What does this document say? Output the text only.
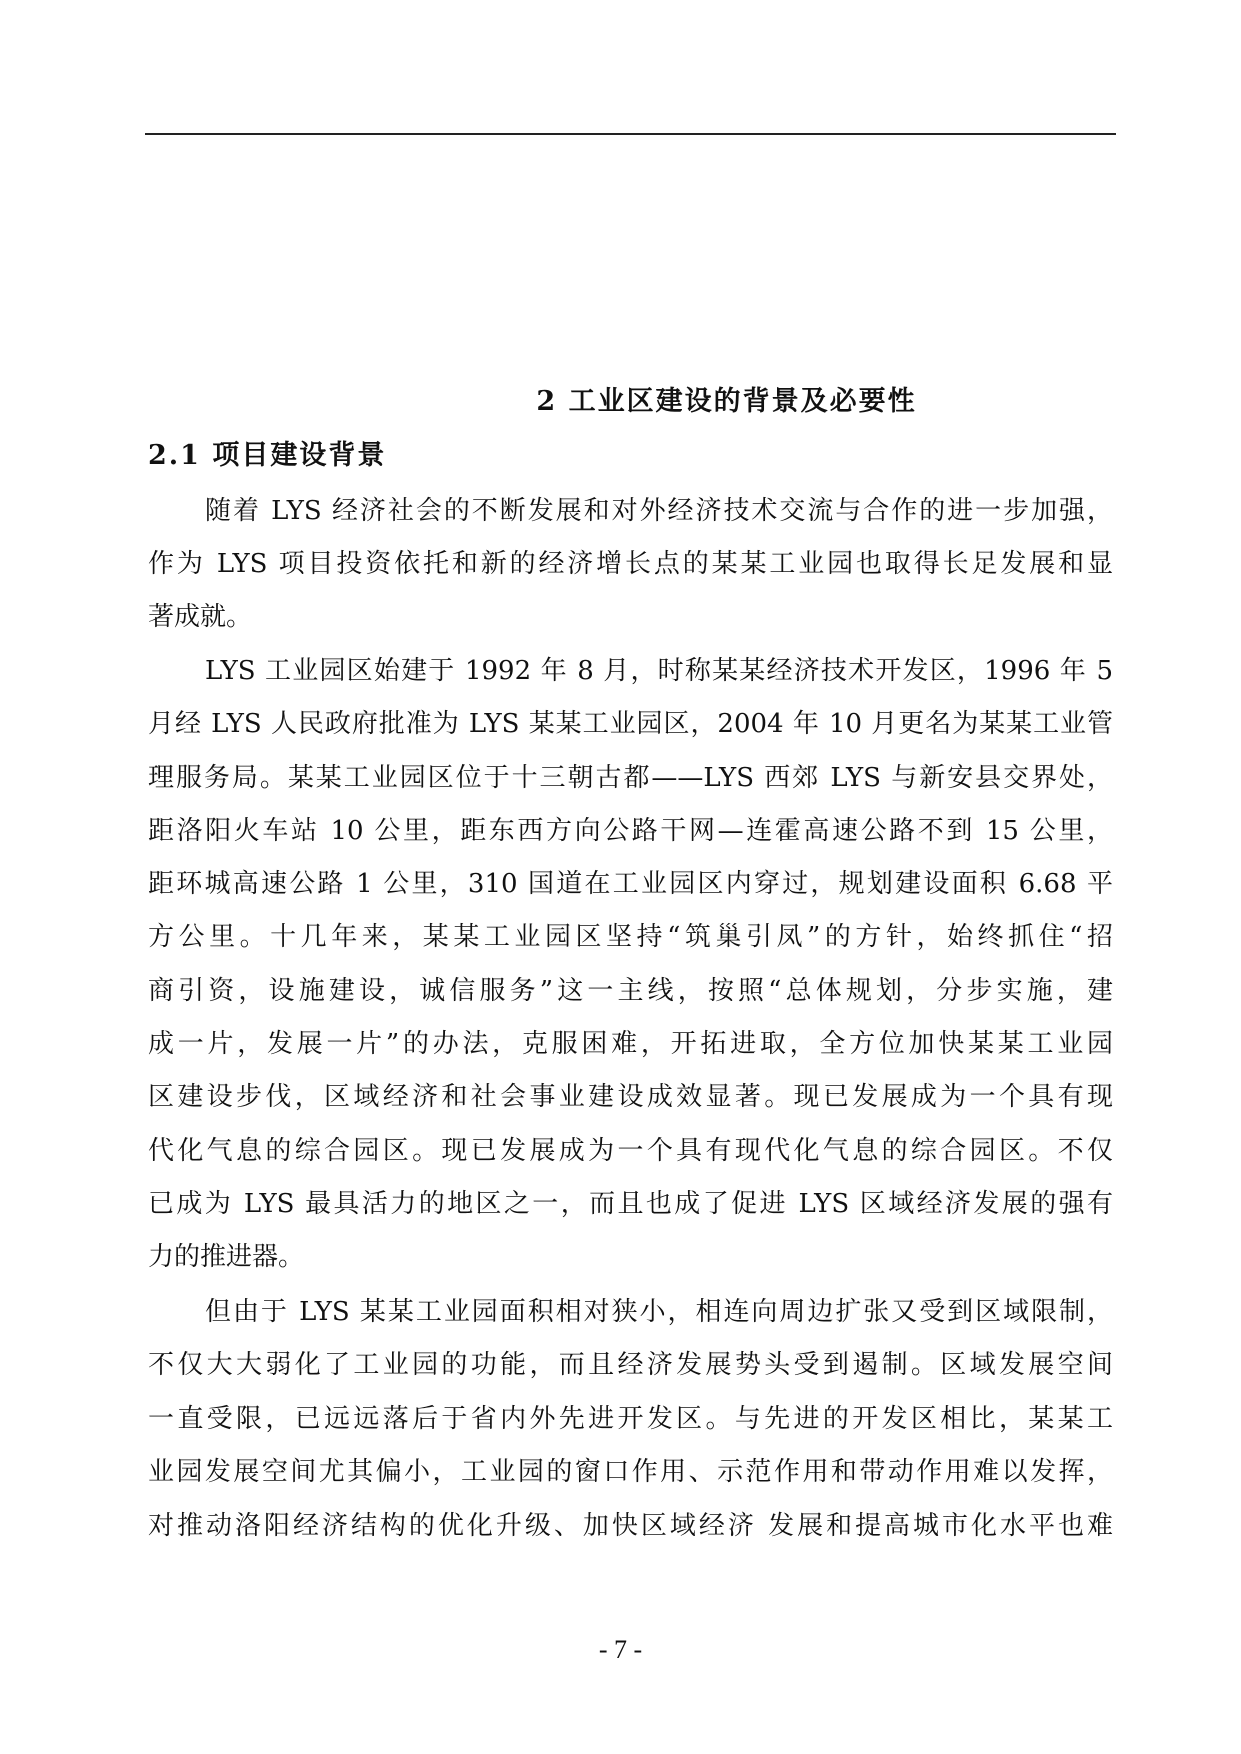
2 工业区建设的背景及必要性
2.1 项目建设背景
随着 LYS 经济社会的不断发展和对外经济技术交流与合作的进一步加强，
作为 LYS 项目投资依托和新的经济增长点的某某工业园也取得长足发展和显
著成就。
LYS 工业园区始建于 1992 年 8 月，时称某某经济技术开发区，1996 年 5
月经 LYS 人民政府批准为 LYS 某某工业园区，2004 年 10 月更名为某某工业管
理服务局。某某工业园区位于十三朝古都——LYS 西郊 LYS 与新安县交界处，
距洛阳火车站 10 公里，距东西方向公路干网—连霍高速公路不到 15 公里，
距环城高速公路 1 公里，310 国道在工业园区内穿过，规划建设面积 6.68 平
方公里。十几年来，某某工业园区坚持“筑巢引凤”的方针，始终抓住“招
商引资，设施建设，诚信服务”这一主线，按照“总体规划，分步实施，建
成一片，发展一片”的办法，克服困难，开拓进取，全方位加快某某工业园
区建设步伐，区域经济和社会事业建设成效显著。现已发展成为一个具有现
代化气息的综合园区。现已发展成为一个具有现代化气息的综合园区。不仅
已成为 LYS 最具活力的地区之一，而且也成了促进 LYS 区域经济发展的强有
力的推进器。
但由于 LYS 某某工业园面积相对狭小，相连向周边扩张又受到区域限制，
不仅大大弱化了工业园的功能，而且经济发展势头受到遏制。区域发展空间
一直受限，已远远落后于省内外先进开发区。与先进的开发区相比，某某工
业园发展空间尤其偏小，工业园的窗口作用、示范作用和带动作用难以发挥，
对推动洛阳经济结构的优化升级、加快区域经济 发展和提高城市化水平也难
- 7 -
